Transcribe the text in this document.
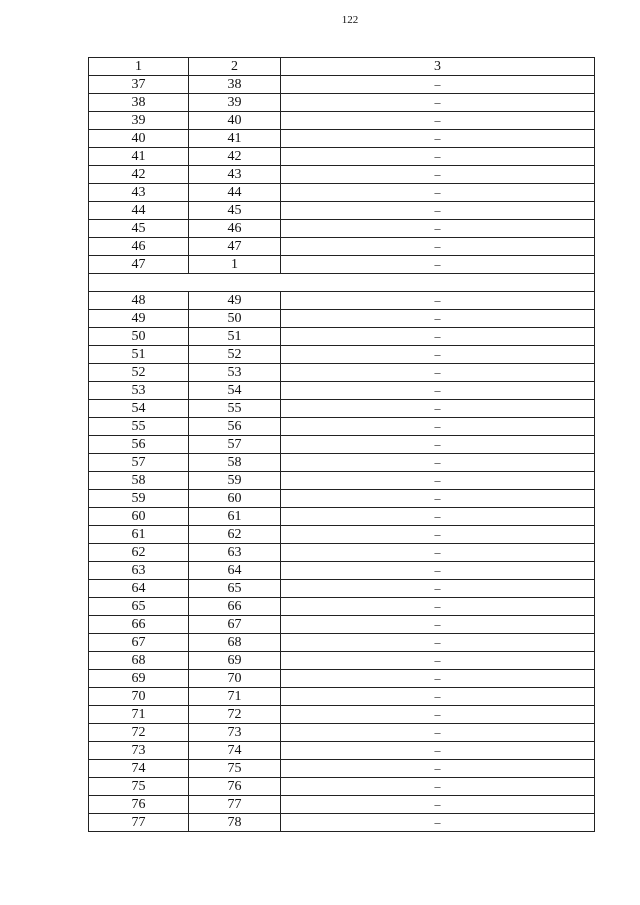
122
1	2	3
37	38	–
38	39	–
39	40	–
40	41	–
41	42	–
42	43	–
43	44	–
44	45	–
45	46	–
46	47	–
47	1	–

48	49	–
49	50	–
50	51	–
51	52	–
52	53	–
53	54	–
54	55	–
55	56	–
56	57	–
57	58	–
58	59	–
59	60	–
60	61	–
61	62	–
62	63	–
63	64	–
64	65	–
65	66	–
66	67	–
67	68	–
68	69	–
69	70	–
70	71	–
71	72	–
72	73	–
73	74	–
74	75	–
75	76	–
76	77	–
77	78	–
